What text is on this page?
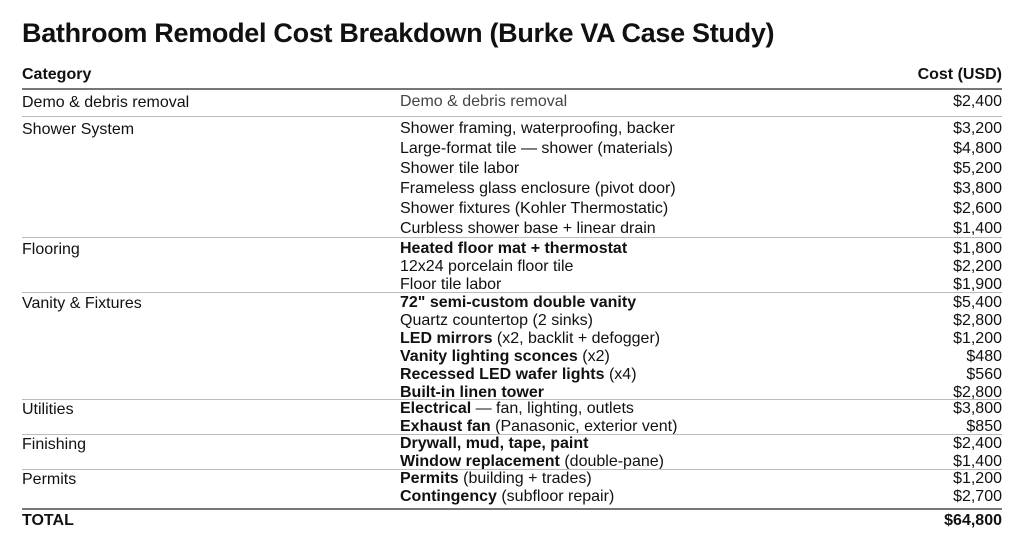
Bathroom Remodel Cost Breakdown (Burke VA Case Study)
Category	Cost (USD)
Demo & debris removal	Demo & debris removal	$2,400
Shower System	Shower framing, waterproofing, backer	$3,200
Large-format tile — shower (materials)	$4,800
Shower tile labor	$5,200
Frameless glass enclosure (pivot door)	$3,800
Shower fixtures (Kohler Thermostatic)	$2,600
Curbless shower base + linear drain	$1,400
Flooring	Heated floor mat + thermostat	$1,800
12x24 porcelain floor tile	$2,200
Floor tile labor	$1,900
Vanity & Fixtures	72" semi-custom double vanity	$5,400
Quartz countertop (2 sinks)	$2,800
LED mirrors (x2, backlit + defogger)	$1,200
Vanity lighting sconces (x2)	$480
Recessed LED wafer lights (x4)	$560
Built-in linen tower	$2,800
Utilities	Electrical — fan, lighting, outlets	$3,800
Exhaust fan (Panasonic, exterior vent)	$850
Finishing	Drywall, mud, tape, paint	$2,400
Window replacement (double-pane)	$1,400
Permits	Permits (building + trades)	$1,200
Contingency (subfloor repair)	$2,700
TOTAL	$64,800
